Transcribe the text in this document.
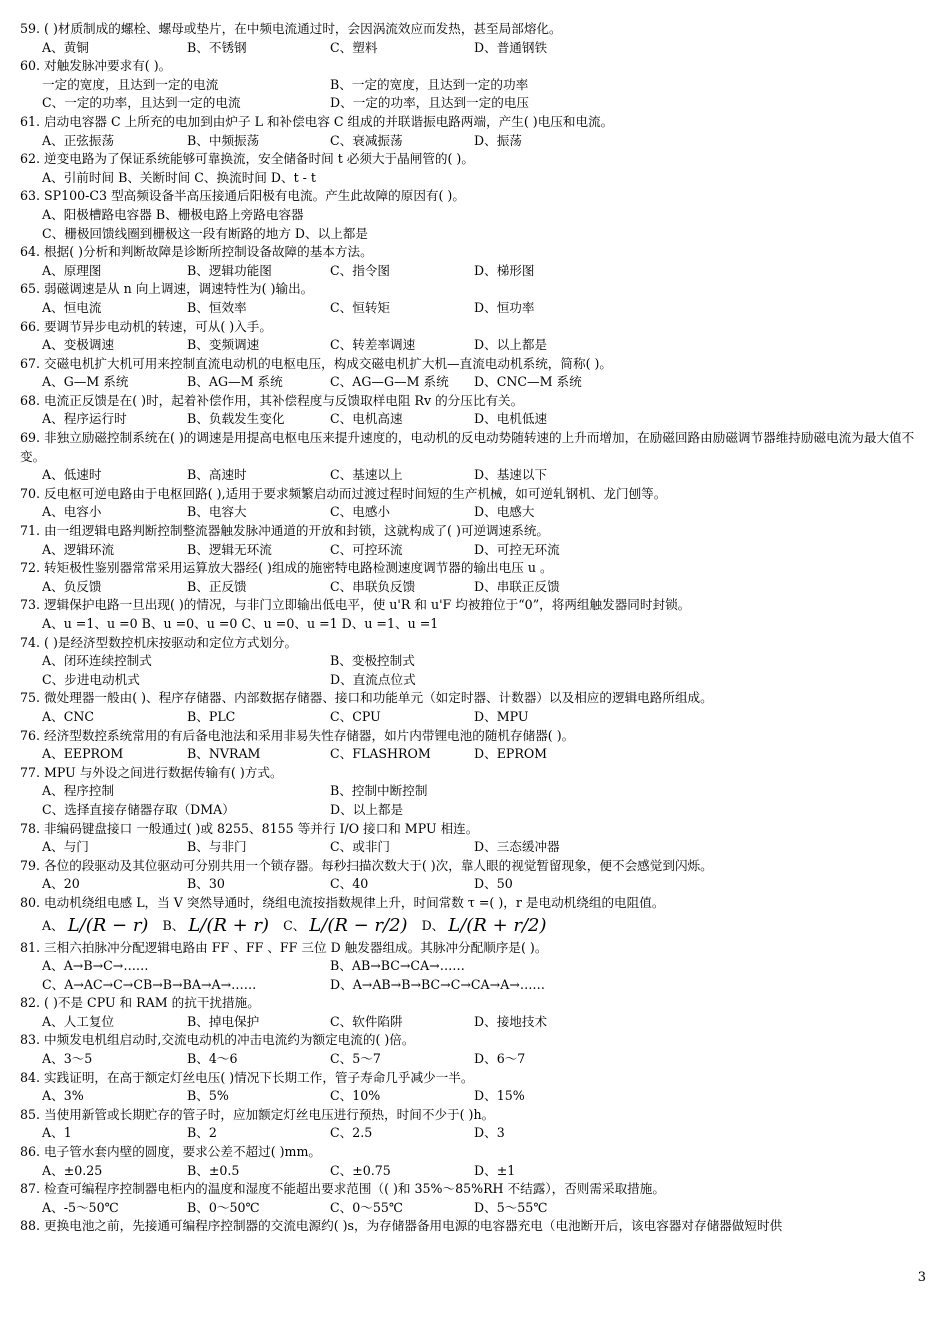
59. ( )材质制成的螺栓、螺母或垫片，在中频电流通过时，会因涡流效应而发热，甚至局部熔化。
A、黄铜	B、不锈钢	C、塑料	D、普通钢铁
60. 对触发脉冲要求有( )。
一定的宽度，且达到一定的电流	B、一定的宽度，且达到一定的功率
C、一定的功率，且达到一定的电流	D、一定的功率，且达到一定的电压
61. 启动电容器 C 上所充的电加到由炉子 L 和补偿电容 C 组成的并联谐振电路两端，产生( )电压和电流。
A、正弦振荡	B、中频振荡	C、衰减振荡	D、振荡
62. 逆变电路为了保证系统能够可靠换流，安全储备时间 t 必须大于晶闸管的( )。
A、引前时间 B、关断时间 C、换流时间 D、t - t
63. SP100-C3 型高频设备半高压接通后阳极有电流。产生此故障的原因有( )。
A、阳极槽路电容器 B、栅极电路上旁路电容器
C、栅极回馈线圈到栅极这一段有断路的地方 D、以上都是
64. 根据( )分析和判断故障是诊断所控制设备故障的基本方法。
A、原理图	B、逻辑功能图	C、指令图	D、梯形图
65. 弱磁调速是从 n 向上调速，调速特性为( )输出。
A、恒电流	B、恒效率	C、恒转矩	D、恒功率
66. 要调节异步电动机的转速，可从( )入手。
A、变极调速	B、变频调速	C、转差率调速	D、以上都是
67. 交磁电机扩大机可用来控制直流电动机的电枢电压，构成交磁电机扩大机—直流电动机系统，简称( )。
A、G—M 系统	B、AG—M 系统	C、AG—G—M 系统 D、CNC—M 系统
68. 电流正反馈是在( )时，起着补偿作用，其补偿程度与反馈取样电阻 Rv 的分压比有关。
A、程序运行时	B、负载发生变化	C、电机高速	D、电机低速
69. 非独立励磁控制系统在( )的调速是用提高电枢电压来提升速度的，电动机的反电动势随转速的上升而增加，在励磁回路由励磁调节器维持励磁电流为最大值不变。
A、低速时	B、高速时	C、基速以上	D、基速以下
70. 反电枢可逆电路由于电枢回路( ),适用于要求频繁启动而过渡过程时间短的生产机械，如可逆轧钢机、龙门刨等。
A、电容小	B、电容大	C、电感小	D、电感大
71. 由一组逻辑电路判断控制整流器触发脉冲通道的开放和封锁，这就构成了( )可逆调速系统。
A、逻辑环流	B、逻辑无环流	C、可控环流	D、可控无环流
72. 转矩极性鉴别器常常采用运算放大器经( )组成的施密特电路检测速度调节器的输出电压 u 。
A、负反馈	B、正反馈	C、串联负反馈	D、串联正反馈
73. 逻辑保护电路一旦出现( )的情况，与非门立即输出低电平，使 u'R 和 u'F 均被箝位于“0”，将两组触发器同时封锁。
A、u =1、u =0 B、u =0、u =0 C、u =0、u =1 D、u =1、u =1
74. ( )是经济型数控机床按驱动和定位方式划分。
A、闭环连续控制式	B、变极控制式
C、步进电动机式	D、直流点位式
75. 微处理器一般由( )、程序存储器、内部数据存储器、接口和功能单元（如定时器、计数器）以及相应的逻辑电路所组成。
A、CNC	B、PLC	C、CPU	D、MPU
76. 经济型数控系统常用的有后备电池法和采用非易失性存储器，如片内带锂电池的随机存储器( )。
A、EEPROM	B、NVRAM	C、FLASHROM	D、EPROM
77. MPU 与外设之间进行数据传输有( )方式。
A、程序控制	B、控制中断控制
C、选择直接存储器存取（DMA）	D、以上都是
78. 非编码键盘接口 一般通过( )或 8255、8155 等并行 I/O 接口和 MPU 相连。
A、与门	B、与非门	C、或非门	D、三态缓冲器
79. 各位的段驱动及其位驱动可分别共用一个锁存器。每秒扫描次数大于( )次，靠人眼的视觉暂留现象，便不会感觉到闪烁。
A、20	B、30	C、40	D、50
80. 电动机绕组电感 L，当 V 突然导通时，绕组电流按指数规律上升，时间常数 τ =( )，r 是电动机绕组的电阻值。
A、 L/(R − r) B、 L/(R + r) C、 L/(R − r/2) D、 L/(R + r/2)
81. 三相六拍脉冲分配逻辑电路由 FF 、FF 、FF 三位 D 触发器组成。其脉冲分配顺序是( )。
A、A→B→C→……	B、AB→BC→CA→……
C、A→AC→C→CB→B→BA→A→……	D、A→AB→B→BC→C→CA→A→……
82. ( )不是 CPU 和 RAM 的抗干扰措施。
A、人工复位	B、掉电保护	C、软件陷阱	D、接地技术
83. 中频发电机组启动时,交流电动机的冲击电流约为额定电流的( )倍。
A、3～5	B、4～6	C、5～7	D、6～7
84. 实践证明，在高于额定灯丝电压( )情况下长期工作，管子寿命几乎减少一半。
A、3%	B、5%	C、10%	D、15%
85. 当使用新管或长期贮存的管子时，应加额定灯丝电压进行预热，时间不少于( )h。
A、1	B、2	C、2.5	D、3
86. 电子管水套内壁的圆度，要求公差不超过( )mm。
A、±0.25	B、±0.5	C、±0.75	D、±1
87. 检查可编程序控制器电柜内的温度和湿度不能超出要求范围（( )和 35%～85%RH 不结露），否则需采取措施。
A、-5～50℃	B、0～50℃	C、0～55℃	D、5～55℃
88. 更换电池之前，先接通可编程序控制器的交流电源约( )s，为存储器备用电源的电容器充电（电池断开后，该电容器对存储器做短时供
3
